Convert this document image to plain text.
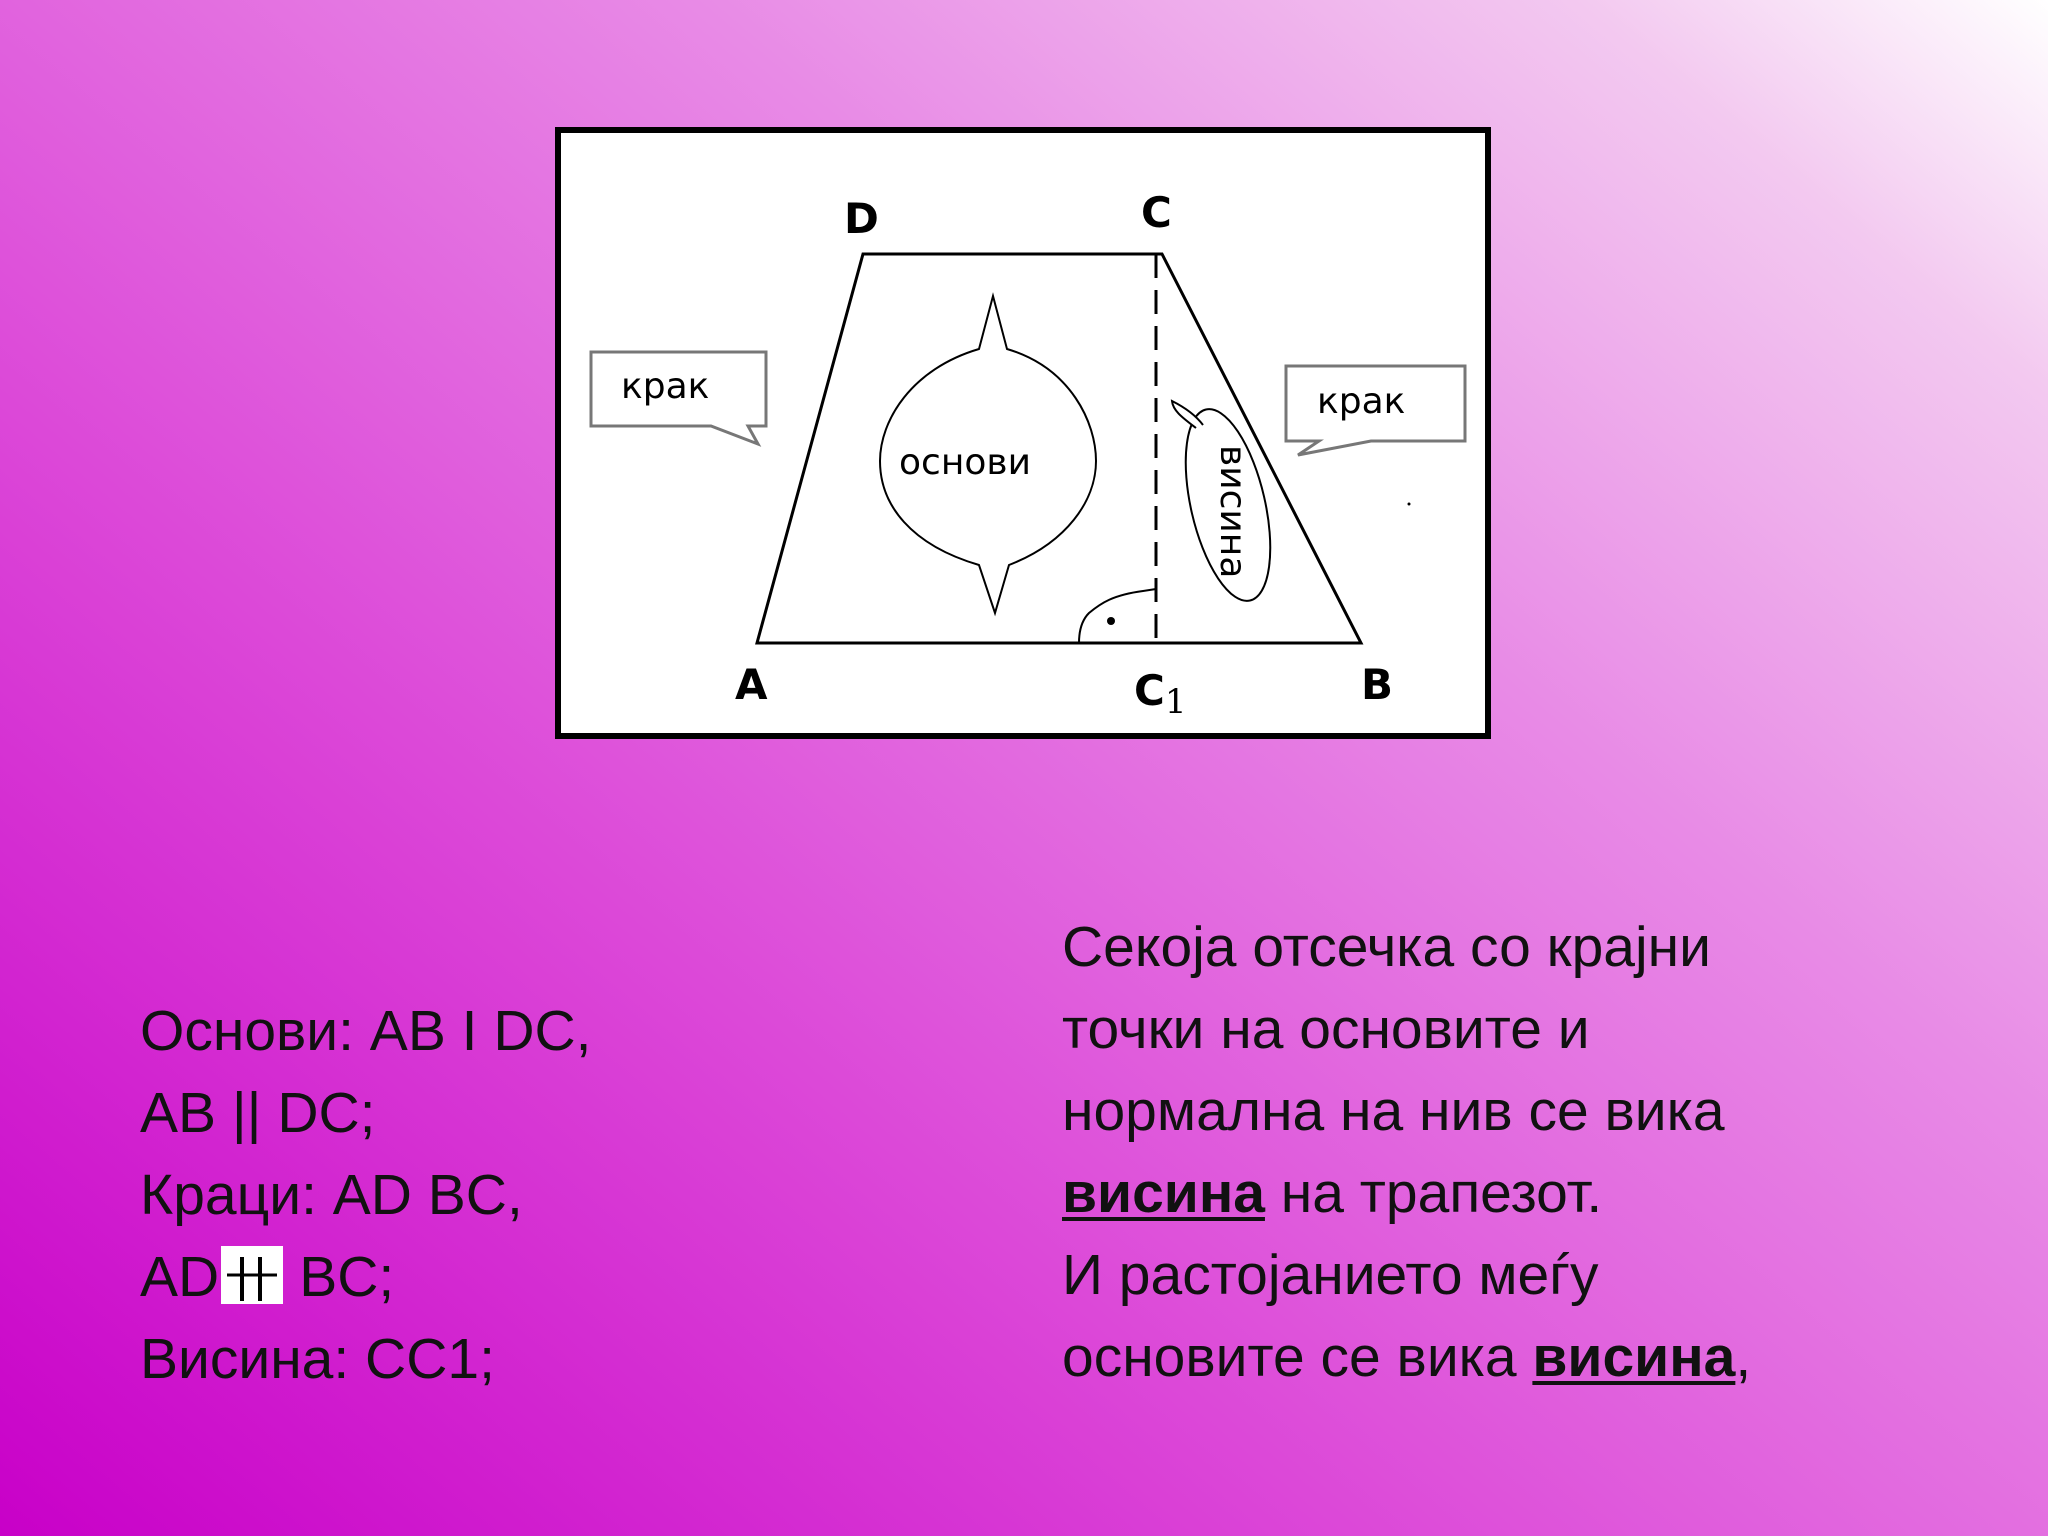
D	C
A	B
C1
крак	крак
основи	висина
Основи: AB I DC,
AB || DC;
Краци: AD BC,
AD BC;
Висина: CC1;
Секоја отсечка со крајни
точки на основите и
нормална на нив се вика
висина на трапезот.
И растојанието меѓу
основите се вика висина,
